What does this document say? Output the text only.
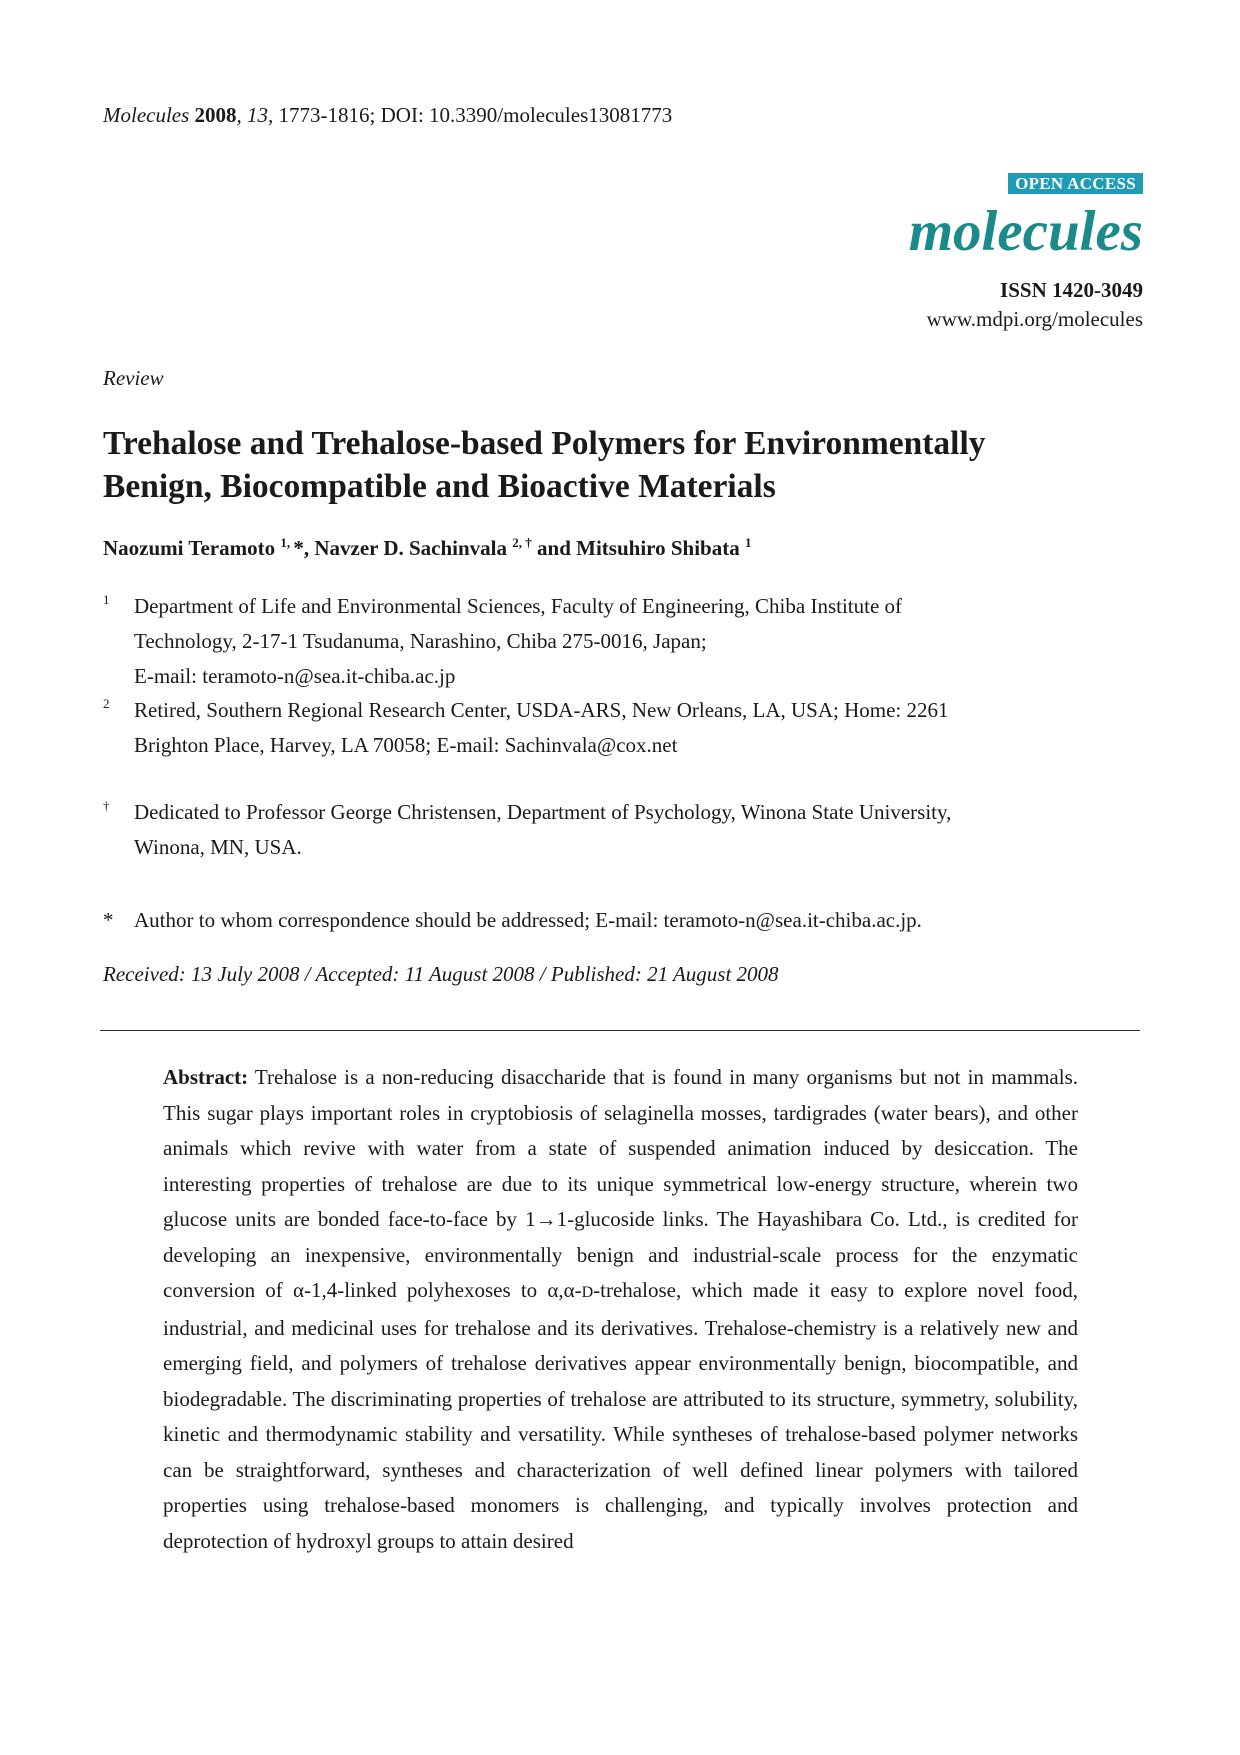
Molecules 2008, 13, 1773-1816; DOI: 10.3390/molecules13081773
OPEN ACCESS
molecules
ISSN 1420-3049
www.mdpi.org/molecules
Review
Trehalose and Trehalose-based Polymers for Environmentally
Benign, Biocompatible and Bioactive Materials
Naozumi Teramoto $^{1,}$ *, Navzer D. Sachinvala $^{2, \dagger}$ and Mitsuhiro Shibata $^1$
1 Department of Life and Environmental Sciences, Faculty of Engineering, Chiba Institute of
Technology, 2-17-1 Tsudanuma, Narashino, Chiba 275-0016, Japan;
E-mail: teramoto-n@sea.it-chiba.ac.jp
2 Retired, Southern Regional Research Center, USDA-ARS, New Orleans, LA, USA; Home: 2261
Brighton Place, Harvey, LA 70058; E-mail: Sachinvala@cox.net
† Dedicated to Professor George Christensen, Department of Psychology, Winona State University,
Winona, MN, USA.
* Author to whom correspondence should be addressed; E-mail: teramoto-n@sea.it-chiba.ac.jp.
Received: 13 July 2008 / Accepted: 11 August 2008 / Published: 21 August 2008
Abstract: Trehalose is a non-reducing disaccharide that is found in many organisms but not in mammals. This sugar plays important roles in cryptobiosis of selaginella mosses, tardigrades (water bears), and other animals which revive with water from a state of suspended animation induced by desiccation. The interesting properties of trehalose are due to its unique symmetrical low-energy structure, wherein two glucose units are bonded face-to-face by 1→1-glucoside links. The Hayashibara Co. Ltd., is credited for developing an inexpensive, environmentally benign and industrial-scale process for the enzymatic conversion of α-1,4-linked polyhexoses to α,α-D-trehalose, which made it easy to explore novel food, industrial, and medicinal uses for trehalose and its derivatives. Trehalose-chemistry is a relatively new and emerging field, and polymers of trehalose derivatives appear environmentally benign, biocompatible, and biodegradable. The discriminating properties of trehalose are attributed to its structure, symmetry, solubility, kinetic and thermodynamic stability and versatility. While syntheses of trehalose-based polymer networks can be straightforward, syntheses and characterization of well defined linear polymers with tailored properties using trehalose-based monomers is challenging, and typically involves protection and deprotection of hydroxyl groups to attain desired
